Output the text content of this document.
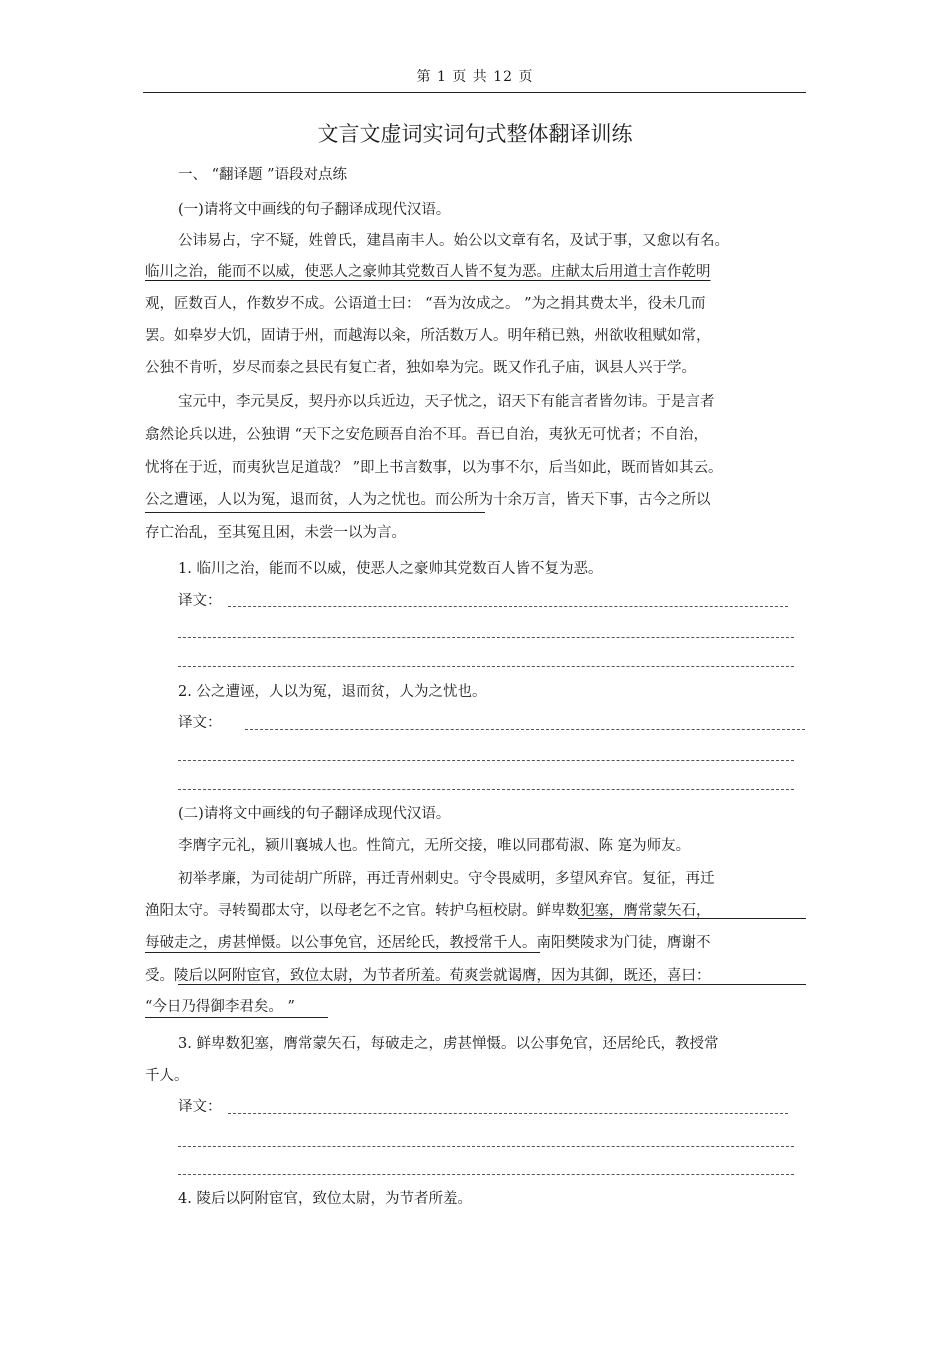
第 1 页 共 12 页
文言文虚词实词句式整体翻译训练
一、 “翻译题 ”语段对点练
(一)请将文中画线的句子翻译成现代汉语。
公讳易占，字不疑，姓曾氏，建昌南丰人。始公以文章有名，及试于事，又愈以有名。
临川之治，能而不以威，使恶人之豪帅其党数百人皆不复为恶。庄献太后用道士言作乾明
观，匠数百人，作数岁不成。公语道士曰： “吾为汝成之。 ”为之捐其费太半，役未几而
罢。如皋岁大饥，固请于州，而越海以籴，所活数万人。明年稍已熟，州欲收租赋如常，
公独不肯听，岁尽而泰之县民有复亡者，独如皋为完。既又作孔子庙，讽县人兴于学。
宝元中，李元昊反，契丹亦以兵近边，天子忧之，诏天下有能言者皆勿讳。于是言者
翕然论兵以进，公独谓 “天下之安危顾吾自治不耳。吾已自治，夷狄无可忧者；不自治，
忧将在于近，而夷狄岂足道哉？ ”即上书言数事，以为事不尔，后当如此，既而皆如其云。
公之遭诬，人以为冤，退而贫，人为之忧也。而公所为十余万言，皆天下事，古今之所以
存亡治乱，至其冤且困，未尝一以为言。
1. 临川之治，能而不以威，使恶人之豪帅其党数百人皆不复为恶。
译文：
2. 公之遭诬，人以为冤，退而贫，人为之忧也。
译文：
(二)请将文中画线的句子翻译成现代汉语。
李膺字元礼，颍川襄城人也。性简亢，无所交接，唯以同郡荀淑、陈 寔为师友。
初举孝廉，为司徒胡广所辟，再迁青州刺史。守令畏威明，多望风弃官。复征，再迁
渔阳太守。寻转蜀郡太守，以母老乞不之官。转护乌桓校尉。鲜卑数犯塞，膺常蒙矢石，
每破走之，虏甚惮慑。以公事免官，还居纶氏，教授常千人。南阳樊陵求为门徒，膺谢不
受。陵后以阿附宦官，致位太尉，为节者所羞。荀爽尝就谒膺，因为其御，既还，喜曰：
“今日乃得御李君矣。 ”
3. 鲜卑数犯塞，膺常蒙矢石，每破走之，虏甚惮慑。以公事免官，还居纶氏，教授常
千人。
译文：
4. 陵后以阿附宦官，致位太尉，为节者所羞。
